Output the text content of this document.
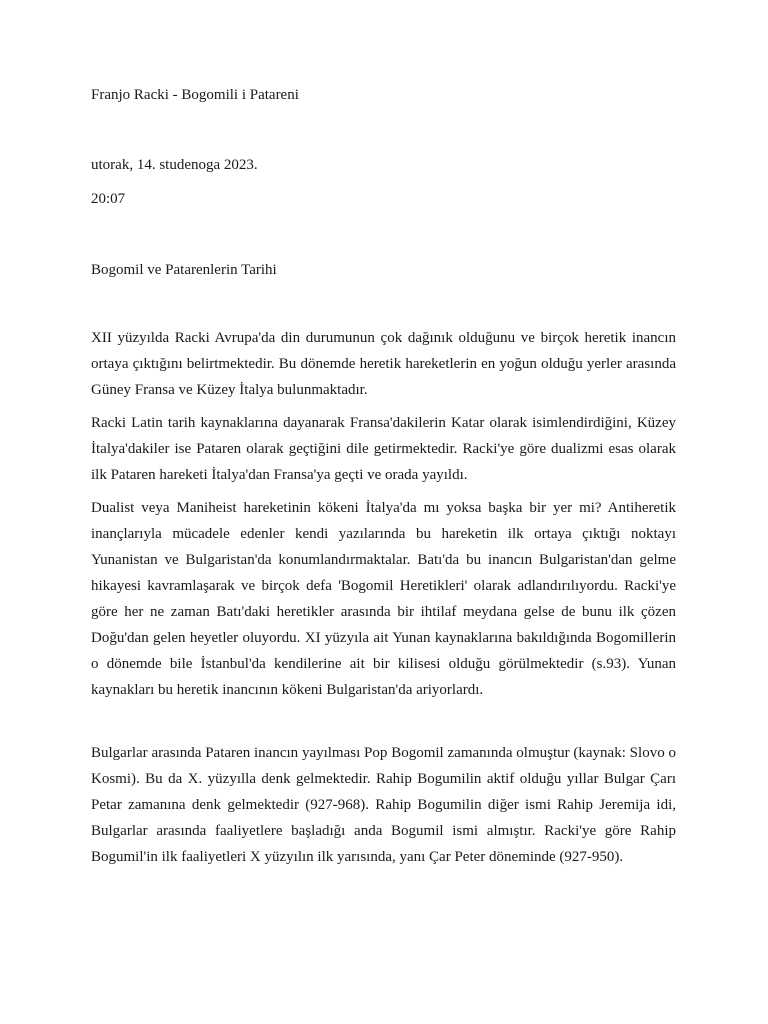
Franjo Racki - Bogomili i Patareni
utorak, 14. studenoga 2023.
20:07
Bogomil ve Patarenlerin Tarihi

XII yüzyılda Racki Avrupa'da din durumunun çok dağınık olduğunu ve birçok heretik inancın ortaya çıktığını belirtmektedir. Bu dönemde heretik hareketlerin en yoğun olduğu yerler arasında Güney Fransa ve Küzey İtalya bulunmaktadır.

Racki Latin tarih kaynaklarına dayanarak Fransa'dakilerin Katar olarak isimlendirdiğini, Küzey İtalya'dakiler ise Pataren olarak geçtiğini dile getirmektedir. Racki'ye göre dualizmi esas olarak ilk Pataren hareketi İtalya'dan Fransa'ya geçti ve orada yayıldı.

Dualist veya Maniheist hareketinin kökeni İtalya'da mı yoksa başka bir yer mi? Antiheretik inançlarıyla mücadele edenler kendi yazılarında bu hareketin ilk ortaya çıktığı noktayı Yunanistan ve Bulgaristan'da konumlandırmaktalar. Batı'da bu inancın Bulgaristan'dan gelme hikayesi kavramlaşarak ve birçok defa 'Bogomil Heretikleri' olarak adlandırılıyordu. Racki'ye göre her ne zaman Batı'daki heretikler arasında bir ihtilaf meydana gelse de bunu ilk çözen Doğu'dan gelen heyetler oluyordu. XI yüzyıla ait Yunan kaynaklarına bakıldığında Bogomillerin o dönemde bile İstanbul'da kendilerine ait bir kilisesi olduğu görülmektedir (s.93). Yunan kaynakları bu heretik inancının kökeni Bulgaristan'da ariyorlardı.

Bulgarlar arasında Pataren inancın yayılması Pop Bogomil zamanında olmuştur (kaynak: Slovo o Kosmi). Bu da X. yüzyılla denk gelmektedir. Rahip Bogumilin aktif olduğu yıllar Bulgar Çarı Petar zamanına denk gelmektedir (927-968). Rahip Bogumilin diğer ismi Rahip Jeremija idi, Bulgarlar arasında faaliyetlere başladığı anda Bogumil ismi almıştır. Racki'ye göre Rahip Bogumil'in ilk faaliyetleri X yüzyılın ilk yarısında, yanı Çar Peter döneminde (927-950).
